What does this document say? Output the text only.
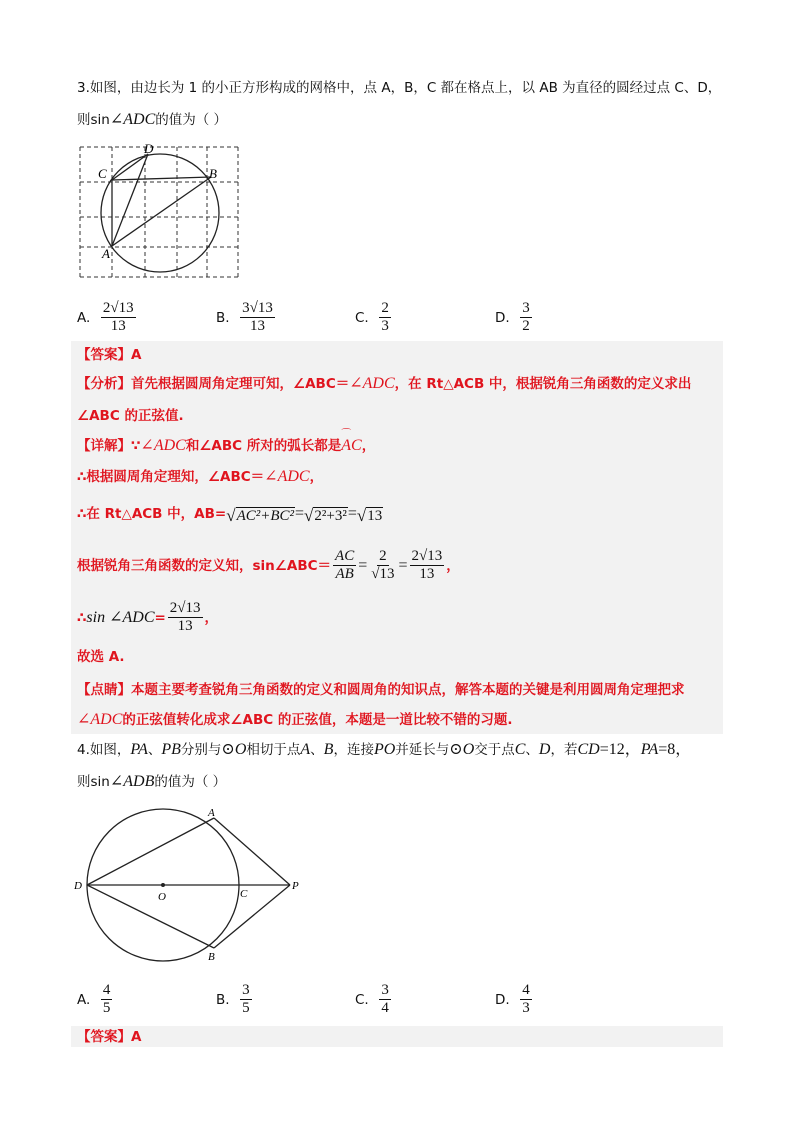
3.如图，由边长为 1 的小正方形构成的网格中，点 A，B，C 都在格点上，以 AB 为直径的圆经过点 C、D，
则sin∠ADC的值为（ ）
C
D
B
A
A.
$\frac{2√13}{13}$	B.
$\frac{3√13}{13}$	C.
$\frac{2}{3}$	D.
$\frac{3}{2}$
【答案】A
【分析】首先根据圆周角定理可知，∠ABC＝∠ADC，在 Rt△ACB 中，根据锐角三角函数的定义求出
∠ABC 的正弦值.
【详解】∵∠ADC和∠ABC 所对的弧长都是⌒ AC，
∴根据圆周角定理知，∠ABC＝∠ADC，
∴在 Rt△ACB 中，AB= √ AC²+BC² = √ 2²+3² = √ 13
根据锐角三角函数的定义知，sin∠ABC＝ $\frac{AC}{AB} = \frac{2}{√13} = \frac{2√13}{13}$ ，
∴ sin ∠ADC = $\frac{2√13}{13}$ ，
故选 A.
【点睛】本题主要考查锐角三角函数的定义和圆周角的知识点，解答本题的关键是利用圆周角定理把求
∠ADC的正弦值转化成求∠ABC 的正弦值，本题是一道比较不错的习题.
4.如图，PA、PB分别与⊙O相切于点A、B，连接PO并延长与⊙O交于点C、D，若CD=12，PA=8，
则sin∠ADB的值为（ ）
A
D
O	C
P
B
A.
$\frac{4}{5}$	B.
$\frac{3}{5}$	C.
$\frac{3}{4}$	D.
$\frac{4}{3}$
【答案】A
